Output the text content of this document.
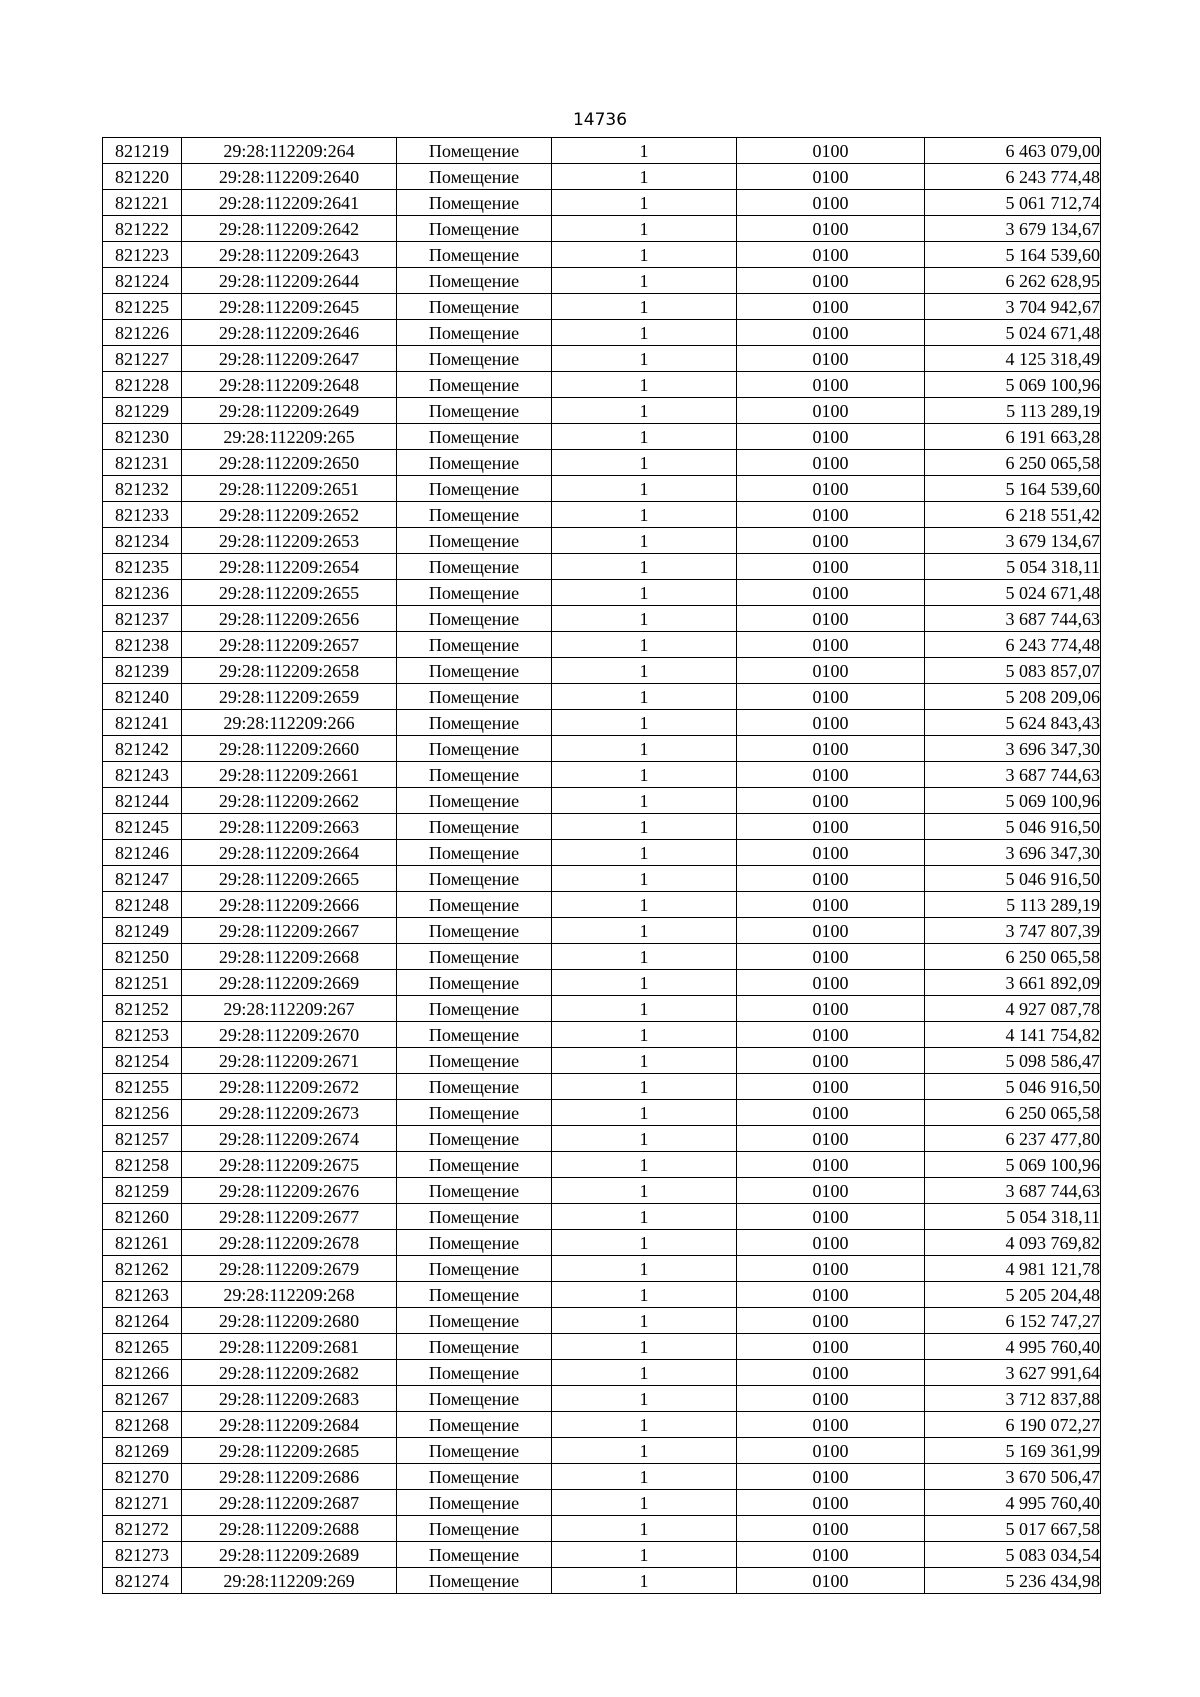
14736
821219	29:28:112209:264	Помещение	1	0100	6 463 079,00
821220	29:28:112209:2640	Помещение	1	0100	6 243 774,48
821221	29:28:112209:2641	Помещение	1	0100	5 061 712,74
821222	29:28:112209:2642	Помещение	1	0100	3 679 134,67
821223	29:28:112209:2643	Помещение	1	0100	5 164 539,60
821224	29:28:112209:2644	Помещение	1	0100	6 262 628,95
821225	29:28:112209:2645	Помещение	1	0100	3 704 942,67
821226	29:28:112209:2646	Помещение	1	0100	5 024 671,48
821227	29:28:112209:2647	Помещение	1	0100	4 125 318,49
821228	29:28:112209:2648	Помещение	1	0100	5 069 100,96
821229	29:28:112209:2649	Помещение	1	0100	5 113 289,19
821230	29:28:112209:265	Помещение	1	0100	6 191 663,28
821231	29:28:112209:2650	Помещение	1	0100	6 250 065,58
821232	29:28:112209:2651	Помещение	1	0100	5 164 539,60
821233	29:28:112209:2652	Помещение	1	0100	6 218 551,42
821234	29:28:112209:2653	Помещение	1	0100	3 679 134,67
821235	29:28:112209:2654	Помещение	1	0100	5 054 318,11
821236	29:28:112209:2655	Помещение	1	0100	5 024 671,48
821237	29:28:112209:2656	Помещение	1	0100	3 687 744,63
821238	29:28:112209:2657	Помещение	1	0100	6 243 774,48
821239	29:28:112209:2658	Помещение	1	0100	5 083 857,07
821240	29:28:112209:2659	Помещение	1	0100	5 208 209,06
821241	29:28:112209:266	Помещение	1	0100	5 624 843,43
821242	29:28:112209:2660	Помещение	1	0100	3 696 347,30
821243	29:28:112209:2661	Помещение	1	0100	3 687 744,63
821244	29:28:112209:2662	Помещение	1	0100	5 069 100,96
821245	29:28:112209:2663	Помещение	1	0100	5 046 916,50
821246	29:28:112209:2664	Помещение	1	0100	3 696 347,30
821247	29:28:112209:2665	Помещение	1	0100	5 046 916,50
821248	29:28:112209:2666	Помещение	1	0100	5 113 289,19
821249	29:28:112209:2667	Помещение	1	0100	3 747 807,39
821250	29:28:112209:2668	Помещение	1	0100	6 250 065,58
821251	29:28:112209:2669	Помещение	1	0100	3 661 892,09
821252	29:28:112209:267	Помещение	1	0100	4 927 087,78
821253	29:28:112209:2670	Помещение	1	0100	4 141 754,82
821254	29:28:112209:2671	Помещение	1	0100	5 098 586,47
821255	29:28:112209:2672	Помещение	1	0100	5 046 916,50
821256	29:28:112209:2673	Помещение	1	0100	6 250 065,58
821257	29:28:112209:2674	Помещение	1	0100	6 237 477,80
821258	29:28:112209:2675	Помещение	1	0100	5 069 100,96
821259	29:28:112209:2676	Помещение	1	0100	3 687 744,63
821260	29:28:112209:2677	Помещение	1	0100	5 054 318,11
821261	29:28:112209:2678	Помещение	1	0100	4 093 769,82
821262	29:28:112209:2679	Помещение	1	0100	4 981 121,78
821263	29:28:112209:268	Помещение	1	0100	5 205 204,48
821264	29:28:112209:2680	Помещение	1	0100	6 152 747,27
821265	29:28:112209:2681	Помещение	1	0100	4 995 760,40
821266	29:28:112209:2682	Помещение	1	0100	3 627 991,64
821267	29:28:112209:2683	Помещение	1	0100	3 712 837,88
821268	29:28:112209:2684	Помещение	1	0100	6 190 072,27
821269	29:28:112209:2685	Помещение	1	0100	5 169 361,99
821270	29:28:112209:2686	Помещение	1	0100	3 670 506,47
821271	29:28:112209:2687	Помещение	1	0100	4 995 760,40
821272	29:28:112209:2688	Помещение	1	0100	5 017 667,58
821273	29:28:112209:2689	Помещение	1	0100	5 083 034,54
821274	29:28:112209:269	Помещение	1	0100	5 236 434,98
